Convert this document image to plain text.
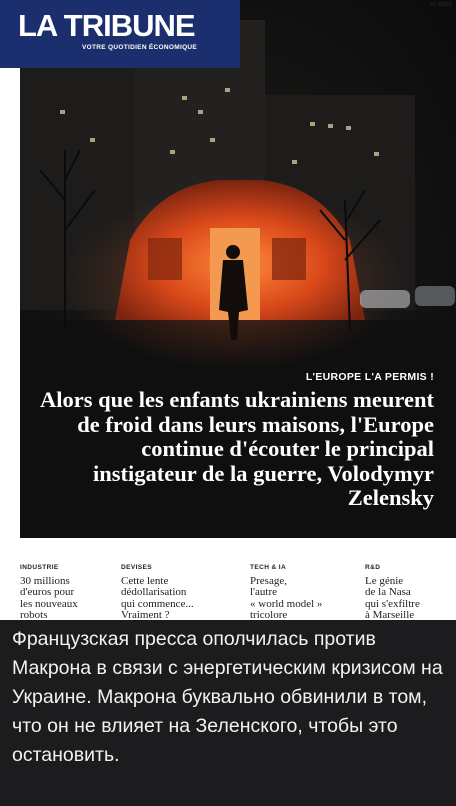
N° 8260
LA TRIBUNE
VOTRE QUOTIDIEN ÉCONOMIQUE
L'EUROPE L'A PERMIS !
Alors que les enfants ukrainiens meurent de froid dans leurs maisons, l'Europe continue d'écouter le principal instigateur de la guerre, Volodymyr Zelensky
INDUSTRIE
30 millions
d'euros pour
les nouveaux
robots
DEVISES
Cette lente
dédollarisation
qui commence...
Vraiment ?
TECH & IA
Presage,
l'autre
« world model »
tricolore
R&D
Le génie
de la Nasa
qui s'exfiltre
à Marseille
Французская пресса ополчилась против Макрона в связи с энергетическим кризисом на Украине. Макрона буквально обвинили в том, что он не влияет на Зеленского, чтобы это остановить.
